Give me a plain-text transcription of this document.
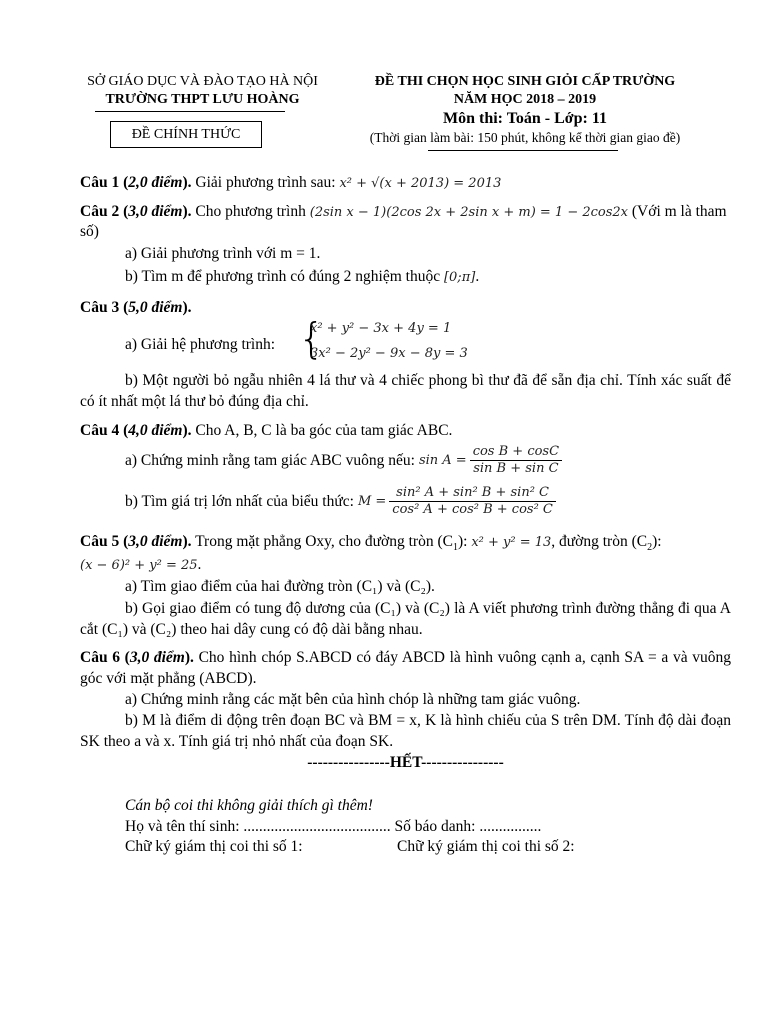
SỞ GIÁO DỤC VÀ ĐÀO TẠO HÀ NỘI
TRƯỜNG THPT LƯU HOÀNG
ĐỀ CHÍNH THỨC
ĐỀ THI CHỌN HỌC SINH GIỎI CẤP TRƯỜNG
NĂM HỌC 2018 – 2019
Môn thi: Toán - Lớp: 11
(Thời gian làm bài: 150 phút, không kể thời gian giao đề)
Câu 1 (2,0 điểm). Giải phương trình sau: x² + √(x + 2013) = 2013
Câu 2 (3,0 điểm). Cho phương trình (2sin x − 1)(2cos 2x + 2sin x + m) = 1 − 2cos2x (Với m là tham
số)
a) Giải phương trình với m = 1.
b) Tìm m để phương trình có đúng 2 nghiệm thuộc [0;π].
Câu 3 (5,0 điểm).
a) Giải hệ phương trình: {
x² + y² − 3x + 4y = 1
3x² − 2y² − 9x − 8y = 3
b) Một người bỏ ngẫu nhiên 4 lá thư và 4 chiếc phong bì thư đã để sẵn địa chỉ. Tính xác suất để có ít nhất một lá thư bỏ đúng địa chỉ.
Câu 4 (4,0 điểm). Cho A, B, C là ba góc của tam giác ABC.
a) Chứng minh rằng tam giác ABC vuông nếu: $\sin A = \frac{\text{cos B + cosC}}{\text{sin B + sin C}}$
b) Tìm giá trị lớn nhất của biểu thức: $M = \frac{\text{sin² A + sin² B + sin² C}}{\text{cos² A + cos² B + cos² C}}$
Câu 5 (3,0 điểm). Trong mặt phẳng Oxy, cho đường tròn $(C_1)$: x² + y² = 13, đường tròn $(C_2)$:
(x − 6)² + y² = 25.
a) Tìm giao điểm của hai đường tròn (C₁) và (C₂).
b) Gọi giao điểm có tung độ dương của (C₁) và (C₂) là A viết phương trình đường thẳng đi qua A cắt (C₁) và (C₂) theo hai dây cung có độ dài bằng nhau.
Câu 6 (3,0 điểm). Cho hình chóp S.ABCD có đáy ABCD là hình vuông cạnh a, cạnh SA = a và vuông góc với mặt phẳng (ABCD).
a) Chứng minh rằng các mặt bên của hình chóp là những tam giác vuông.
b) M là điểm di động trên đoạn BC và BM = x, K là hình chiếu của S trên DM. Tính độ dài đoạn SK theo a và x. Tính giá trị nhỏ nhất của đoạn SK.
----------------HẾT----------------
Cán bộ coi thi không giải thích gì thêm!
Họ và tên thí sinh: ...................................... Số báo danh: ................
Chữ ký giám thị coi thi số 1:	Chữ ký giám thị coi thi số 2:
